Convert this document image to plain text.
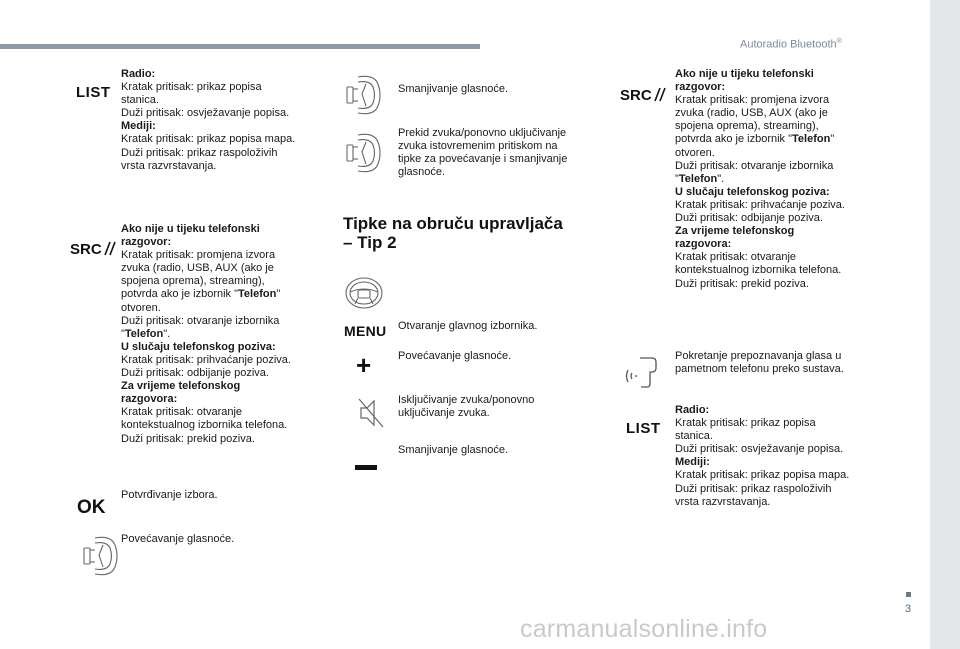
Autoradio Bluetooth®
3
carmanualsonline.info
LIST
Radio:
Kratak pritisak: prikaz popisa
stanica.
Duži pritisak: osvježavanje popisa.
Mediji:
Kratak pritisak: prikaz popisa mapa.
Duži pritisak: prikaz raspoloživih
vrsta razvrstavanja.
SRC
Ako nije u tijeku telefonski
razgovor:
Kratak pritisak: promjena izvora
zvuka (radio, USB, AUX (ako je
spojena oprema), streaming),
potvrda ako je izbornik "Telefon"
otvoren.
Duži pritisak: otvaranje izbornika
"Telefon".
U slučaju telefonskog poziva:
Kratak pritisak: prihvaćanje poziva.
Duži pritisak: odbijanje poziva.
Za vrijeme telefonskog
razgovora:
Kratak pritisak: otvaranje
kontekstualnog izbornika telefona.
Duži pritisak: prekid poziva.
OK
Potvrđivanje izbora.
Povećavanje glasnoće.
Smanjivanje glasnoće.
Prekid zvuka/ponovno uključivanje
zvuka istovremenim pritiskom na
tipke za povećavanje i smanjivanje
glasnoće.
Tipke na obruču upravljača
– Tip 2
MENU Otvaranje glavnog izbornika.
+ Povećavanje glasnoće.
Isključivanje zvuka/ponovno
uključivanje zvuka.
Smanjivanje glasnoće.
SRC
Ako nije u tijeku telefonski
razgovor:
Kratak pritisak: promjena izvora
zvuka (radio, USB, AUX (ako je
spojena oprema), streaming),
potvrda ako je izbornik "Telefon"
otvoren.
Duži pritisak: otvaranje izbornika
"Telefon".
U slučaju telefonskog poziva:
Kratak pritisak: prihvaćanje poziva.
Duži pritisak: odbijanje poziva.
Za vrijeme telefonskog
razgovora:
Kratak pritisak: otvaranje
kontekstualnog izbornika telefona.
Duži pritisak: prekid poziva.
Pokretanje prepoznavanja glasa u
pametnom telefonu preko sustava.
LIST
Radio:
Kratak pritisak: prikaz popisa
stanica.
Duži pritisak: osvježavanje popisa.
Mediji:
Kratak pritisak: prikaz popisa mapa.
Duži pritisak: prikaz raspoloživih
vrsta razvrstavanja.
